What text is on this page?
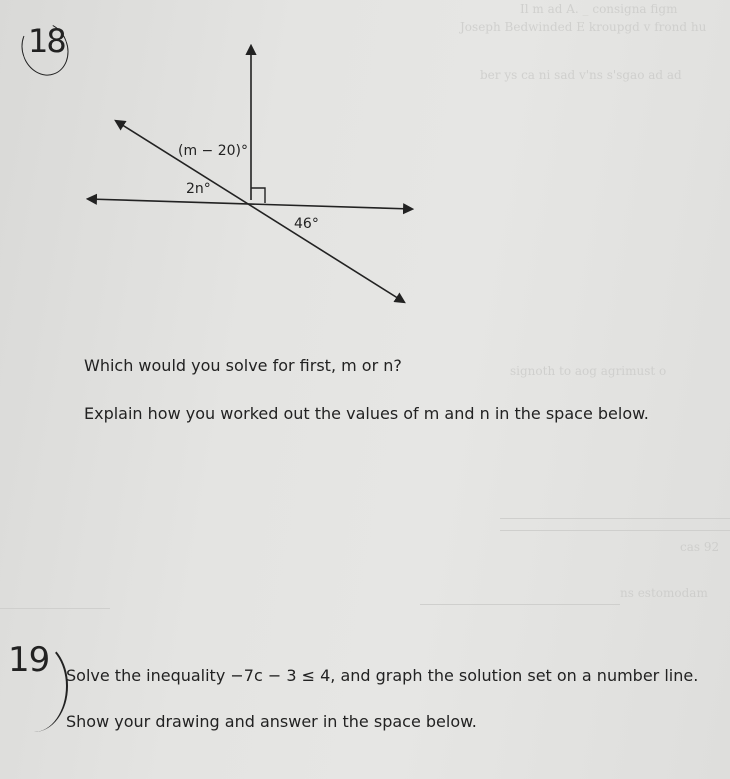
Il m ad A. _ consigna figm
Joseph Bedwinded E kroupgd v frond hu
ber ys ca ni sad v'ns s'sgao ad ad
signoth to aog agrimust o
cas 92
ns estomodam
18
(m − 20)°
2n°
46°
Which would you solve for first, m or n?
Explain how you worked out the values of m and n in the space below.
19 Solve the inequality −7c − 3 ≤ 4, and graph the solution set on a number line.
Show your drawing and answer in the space below.
